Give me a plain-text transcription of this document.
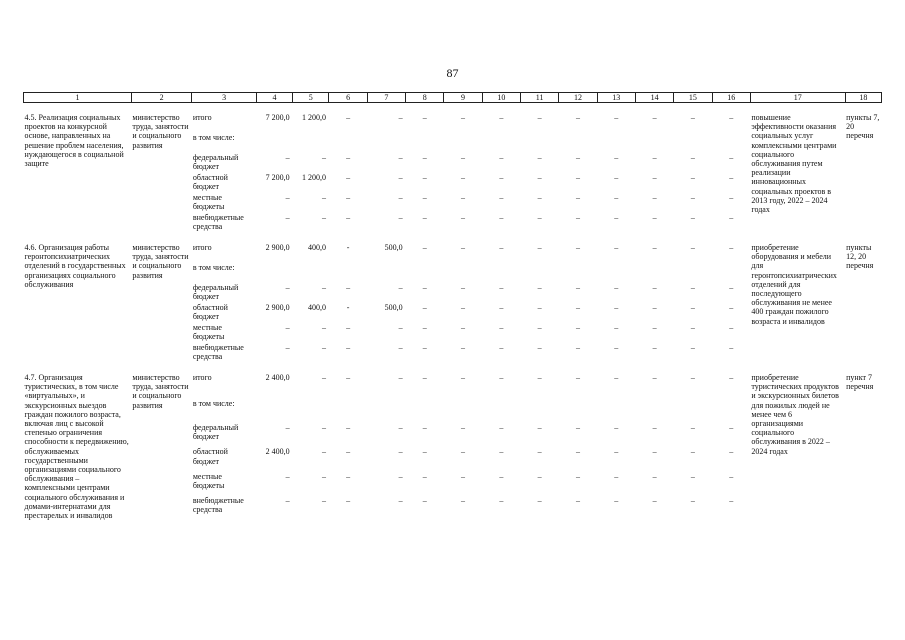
87
1	2	3	4	5	6	7	8	9	10	11	12	13	14	15	16	17	18

4.5. Реализация социальных проектов на конкурсной основе, направленных на решение проблем населения, нуждающегося в социальной защите	министерство труда, занятости и социального развития	итого	7 200,0	1 200,0	–	–	–	–	–	–	–	–	–	–	–	повышение эффективности оказания социальных услуг комплексными центрами социального обслуживания путем реализации инновационных социальных проектов в 2013 году, 2022 – 2024 годах	пункты 7, 20 перечня
		в том числе:															
		федеральный бюджет	–	–	–	–	–	–	–	–	–	–	–	–	–		
		областной бюджет	7 200,0	1 200,0	–	–	–	–	–	–	–	–	–	–	–		
		местные бюджеты	–	–	–	–	–	–	–	–	–	–	–	–	–		
		внебюджетные средства	–	–	–	–	–	–	–	–	–	–	–	–	–		

4.6. Организация работы геронтопсихиатрических отделений в государственных организациях социального обслуживания	министерство труда, занятости и социального развития	итого	2 900,0	400,0	-	500,0	–	–	–	–	–	–	–	–	–	приобретение оборудования и мебели для геронтопсихиатрических отделений для последующего обслуживания не менее 400 граждан пожилого возраста и инвалидов	пункты 12, 20 перечня
		в том числе:															
		федеральный бюджет	–	–	–	–	–	–	–	–	–	–	–	–	–		
		областной бюджет	2 900,0	400,0	-	500,0	–	–	–	–	–	–	–	–	–		
		местные бюджеты	–	–	–	–	–	–	–	–	–	–	–	–	–		
		внебюджетные средства	–	–	–	–	–	–	–	–	–	–	–	–	–		

4.7. Организация туристических, в том числе «виртуальных», и экскурсионных выездов граждан пожилого возраста, включая лиц с высокой степенью ограничения способности к передвижению, обслуживаемых государственными организациями социального обслуживания – комплексными центрами социального обслуживания и домами-интернатами для престарелых и инвалидов	министерство труда, занятости и социального развития	итого	2 400,0	–	–	–	–	–	–	–	–	–	–	–	–	приобретение туристических продуктов и экскурсионных билетов для пожилых людей не менее чем 6 организациями социального обслуживания в 2022 – 2024 годах	пункт 7 перечня
		в том числе:															
		федеральный бюджет	–	–	–	–	–	–	–	–	–	–	–	–	–		
		областной бюджет	2 400,0	–	–	–	–	–	–	–	–	–	–	–	–		
		местные бюджеты	–	–	–	–	–	–	–	–	–	–	–	–	–		
		внебюджетные средства	–	–	–	–	–	–	–	–	–	–	–	–	–		
